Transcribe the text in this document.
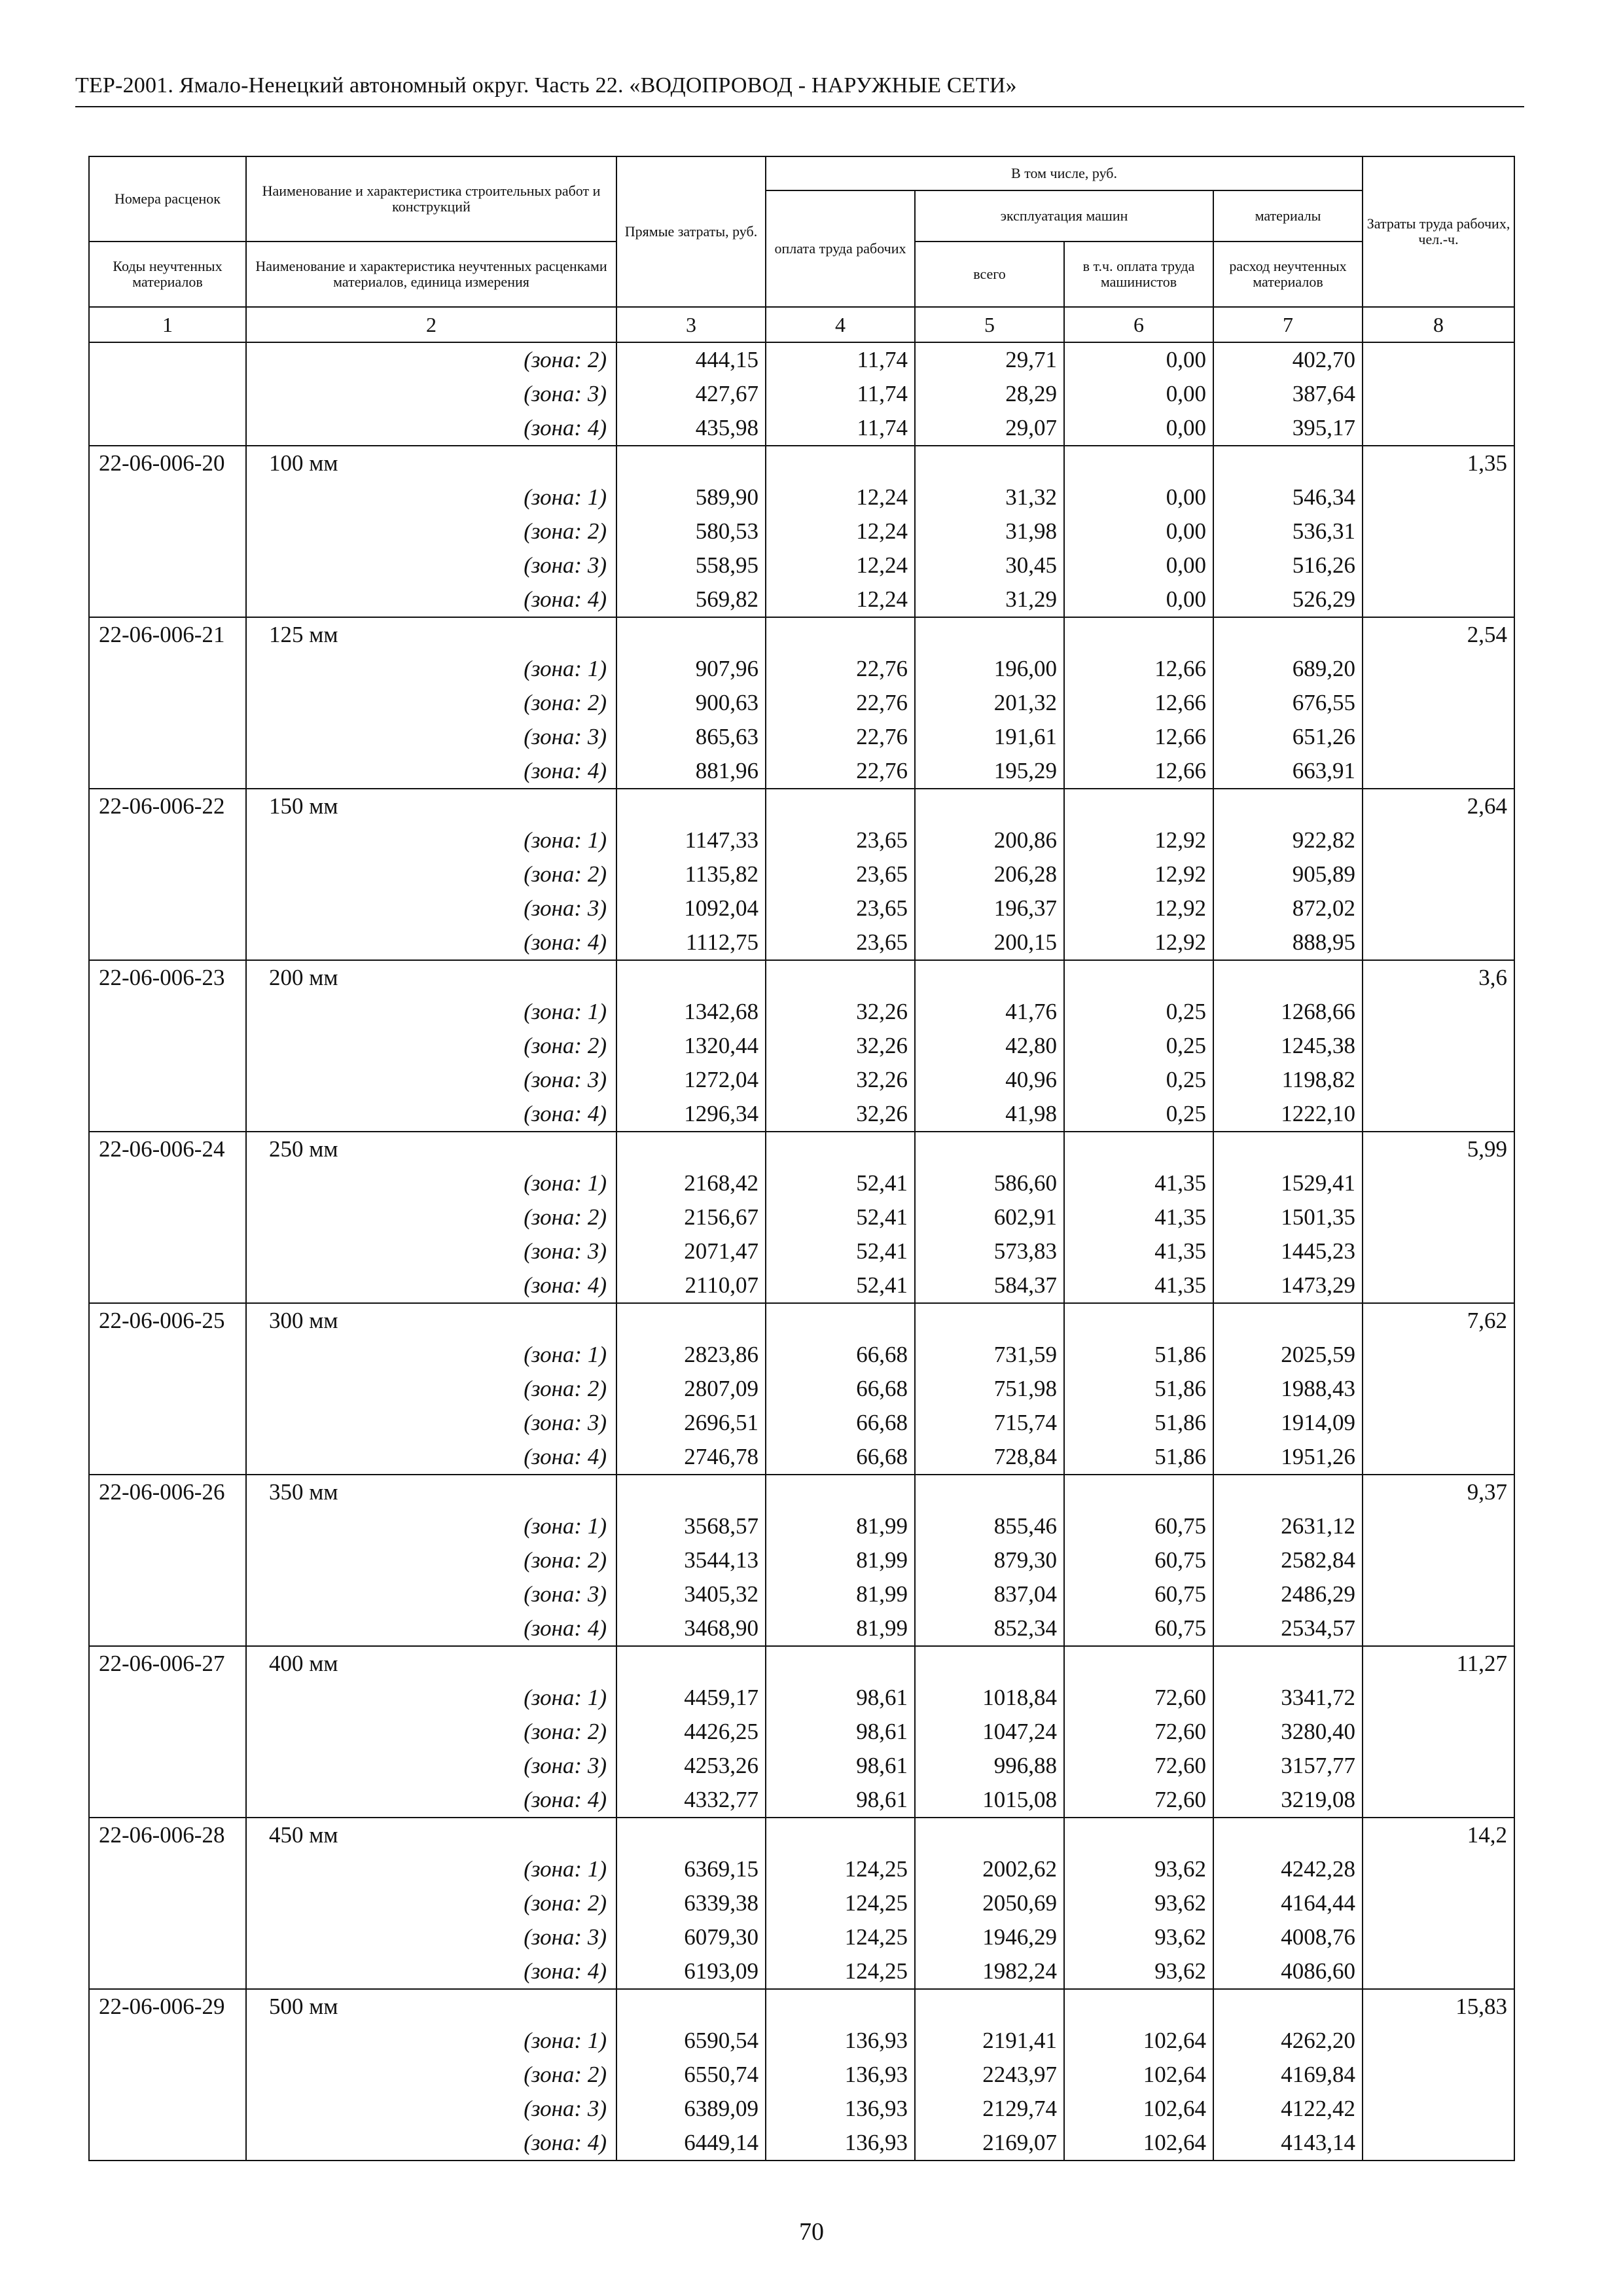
ТЕР-2001. Ямало-Ненецкий автономный округ. Часть 22. «ВОДОПРОВОД - НАРУЖНЫЕ СЕТИ»
Номера расценок	Наименование и характеристика строительных работ и конструкций	Прямые затраты, руб.	В том числе, руб.				Затраты труда рабочих, чел.-ч.
			оплата труда рабочих	эксплуатация машин		материалы	
Коды неучтенных материалов	Наименование и характеристика неучтенных расценками материалов, единица измерения			всего	в т.ч. оплата труда машинистов	расход неучтенных материалов	

1	2	3	4	5	6	7	8
	(зона: 2)	444,15	11,74	29,71	0,00	402,70	
	(зона: 3)	427,67	11,74	28,29	0,00	387,64	
	(зона: 4)	435,98	11,74	29,07	0,00	395,17	
22-06-006-20	100 мм						1,35
	(зона: 1)	589,90	12,24	31,32	0,00	546,34	
	(зона: 2)	580,53	12,24	31,98	0,00	536,31	
	(зона: 3)	558,95	12,24	30,45	0,00	516,26	
	(зона: 4)	569,82	12,24	31,29	0,00	526,29	
22-06-006-21	125 мм						2,54
	(зона: 1)	907,96	22,76	196,00	12,66	689,20	
	(зона: 2)	900,63	22,76	201,32	12,66	676,55	
	(зона: 3)	865,63	22,76	191,61	12,66	651,26	
	(зона: 4)	881,96	22,76	195,29	12,66	663,91	
22-06-006-22	150 мм						2,64
	(зона: 1)	1147,33	23,65	200,86	12,92	922,82	
	(зона: 2)	1135,82	23,65	206,28	12,92	905,89	
	(зона: 3)	1092,04	23,65	196,37	12,92	872,02	
	(зона: 4)	1112,75	23,65	200,15	12,92	888,95	
22-06-006-23	200 мм						3,6
	(зона: 1)	1342,68	32,26	41,76	0,25	1268,66	
	(зона: 2)	1320,44	32,26	42,80	0,25	1245,38	
	(зона: 3)	1272,04	32,26	40,96	0,25	1198,82	
	(зона: 4)	1296,34	32,26	41,98	0,25	1222,10	
22-06-006-24	250 мм						5,99
	(зона: 1)	2168,42	52,41	586,60	41,35	1529,41	
	(зона: 2)	2156,67	52,41	602,91	41,35	1501,35	
	(зона: 3)	2071,47	52,41	573,83	41,35	1445,23	
	(зона: 4)	2110,07	52,41	584,37	41,35	1473,29	
22-06-006-25	300 мм						7,62
	(зона: 1)	2823,86	66,68	731,59	51,86	2025,59	
	(зона: 2)	2807,09	66,68	751,98	51,86	1988,43	
	(зона: 3)	2696,51	66,68	715,74	51,86	1914,09	
	(зона: 4)	2746,78	66,68	728,84	51,86	1951,26	
22-06-006-26	350 мм						9,37
	(зона: 1)	3568,57	81,99	855,46	60,75	2631,12	
	(зона: 2)	3544,13	81,99	879,30	60,75	2582,84	
	(зона: 3)	3405,32	81,99	837,04	60,75	2486,29	
	(зона: 4)	3468,90	81,99	852,34	60,75	2534,57	
22-06-006-27	400 мм						11,27
	(зона: 1)	4459,17	98,61	1018,84	72,60	3341,72	
	(зона: 2)	4426,25	98,61	1047,24	72,60	3280,40	
	(зона: 3)	4253,26	98,61	996,88	72,60	3157,77	
	(зона: 4)	4332,77	98,61	1015,08	72,60	3219,08	
22-06-006-28	450 мм						14,2
	(зона: 1)	6369,15	124,25	2002,62	93,62	4242,28	
	(зона: 2)	6339,38	124,25	2050,69	93,62	4164,44	
	(зона: 3)	6079,30	124,25	1946,29	93,62	4008,76	
	(зона: 4)	6193,09	124,25	1982,24	93,62	4086,60	
22-06-006-29	500 мм						15,83
	(зона: 1)	6590,54	136,93	2191,41	102,64	4262,20	
	(зона: 2)	6550,74	136,93	2243,97	102,64	4169,84	
	(зона: 3)	6389,09	136,93	2129,74	102,64	4122,42	
	(зона: 4)	6449,14	136,93	2169,07	102,64	4143,14	
70
